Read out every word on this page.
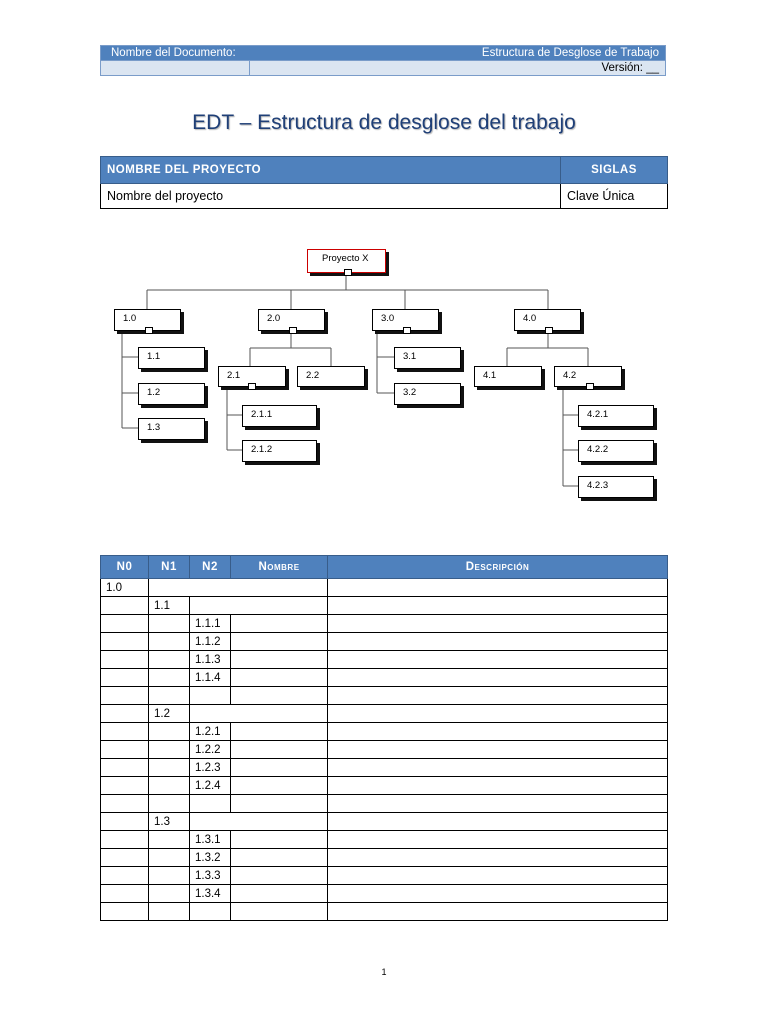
Nombre del Documento:	Estructura de Desglose de Trabajo
Versión: __
EDT – Estructura de desglose del trabajo
NOMBRE DEL PROYECTO	SIGLAS
Nombre del proyecto	Clave Única
Proyecto X
1.0	2.0	3.0	4.0
1.1
1.2
1.3
2.1	2.2
2.1.1
2.1.2
3.1
3.2
4.1	4.2
4.2.1
4.2.2
4.2.3
N0	N1	N2	Nombre	Descripción
1.0				
	1.1			
		1.1.1		
		1.1.2		
		1.1.3		
		1.1.4		

	1.2			
		1.2.1		
		1.2.2		
		1.2.3		
		1.2.4		

	1.3			
		1.3.1		
		1.3.2		
		1.3.3		
		1.3.4		

1
